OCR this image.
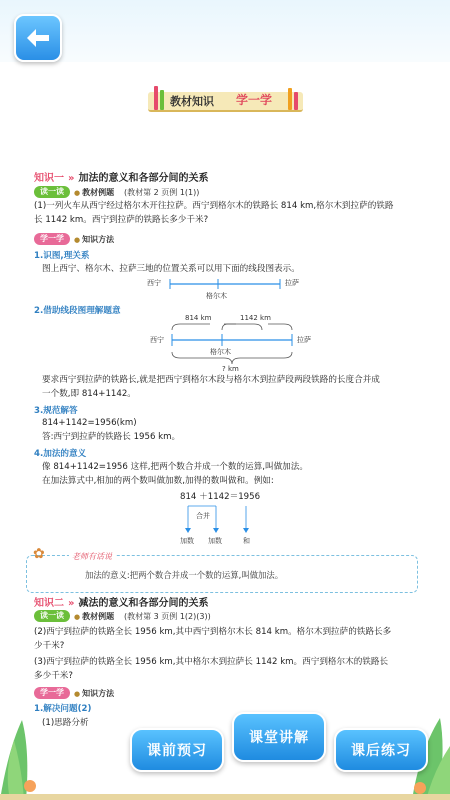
教材知识 学一学
知识一 » 加法的意义和各部分间的关系
读一读	● 教材例题 (教材第 2 页例 1(1))
(1)一列火车从西宁经过格尔木开往拉萨。西宁到格尔木的铁路长 814 km,格尔木到拉萨的铁路
长 1142 km。西宁到拉萨的铁路长多少千米?
学一学	● 知识方法
1.识图,理关系
图上西宁、格尔木、拉萨三地的位置关系可以用下面的线段图表示。
西宁
格尔木
拉萨
2.借助线段图理解题意
814 km	1142 km
西宁
格尔木
拉萨
? km
要求西宁到拉萨的铁路长,就是把西宁到格尔木段与格尔木到拉萨段两段铁路的长度合并成
一个数,即 814+1142。
3.规范解答
814+1142=1956(km)
答:西宁到拉萨的铁路长 1956 km。
4.加法的意义
像 814+1142=1956 这样,把两个数合并成一个数的运算,叫做加法。
在加法算式中,相加的两个数叫做加数,加得的数叫做和。例如:
814 ＋1142＝1956
合并
加数 加数	和
✿	老师有话说
加法的意义:把两个数合并成一个数的运算,叫做加法。
知识二 » 减法的意义和各部分间的关系
读一读	● 教材例题 (教材第 3 页例 1(2)(3))
(2)西宁到拉萨的铁路全长 1956 km,其中西宁到格尔木长 814 km。格尔木到拉萨的铁路长多
少千米?
(3)西宁到拉萨的铁路全长 1956 km,其中格尔木到拉萨长 1142 km。西宁到格尔木的铁路长
多少千米?
学一学	● 知识方法
1.解决问题(2)
(1)思路分析
课前预习
课堂讲解
课后练习
